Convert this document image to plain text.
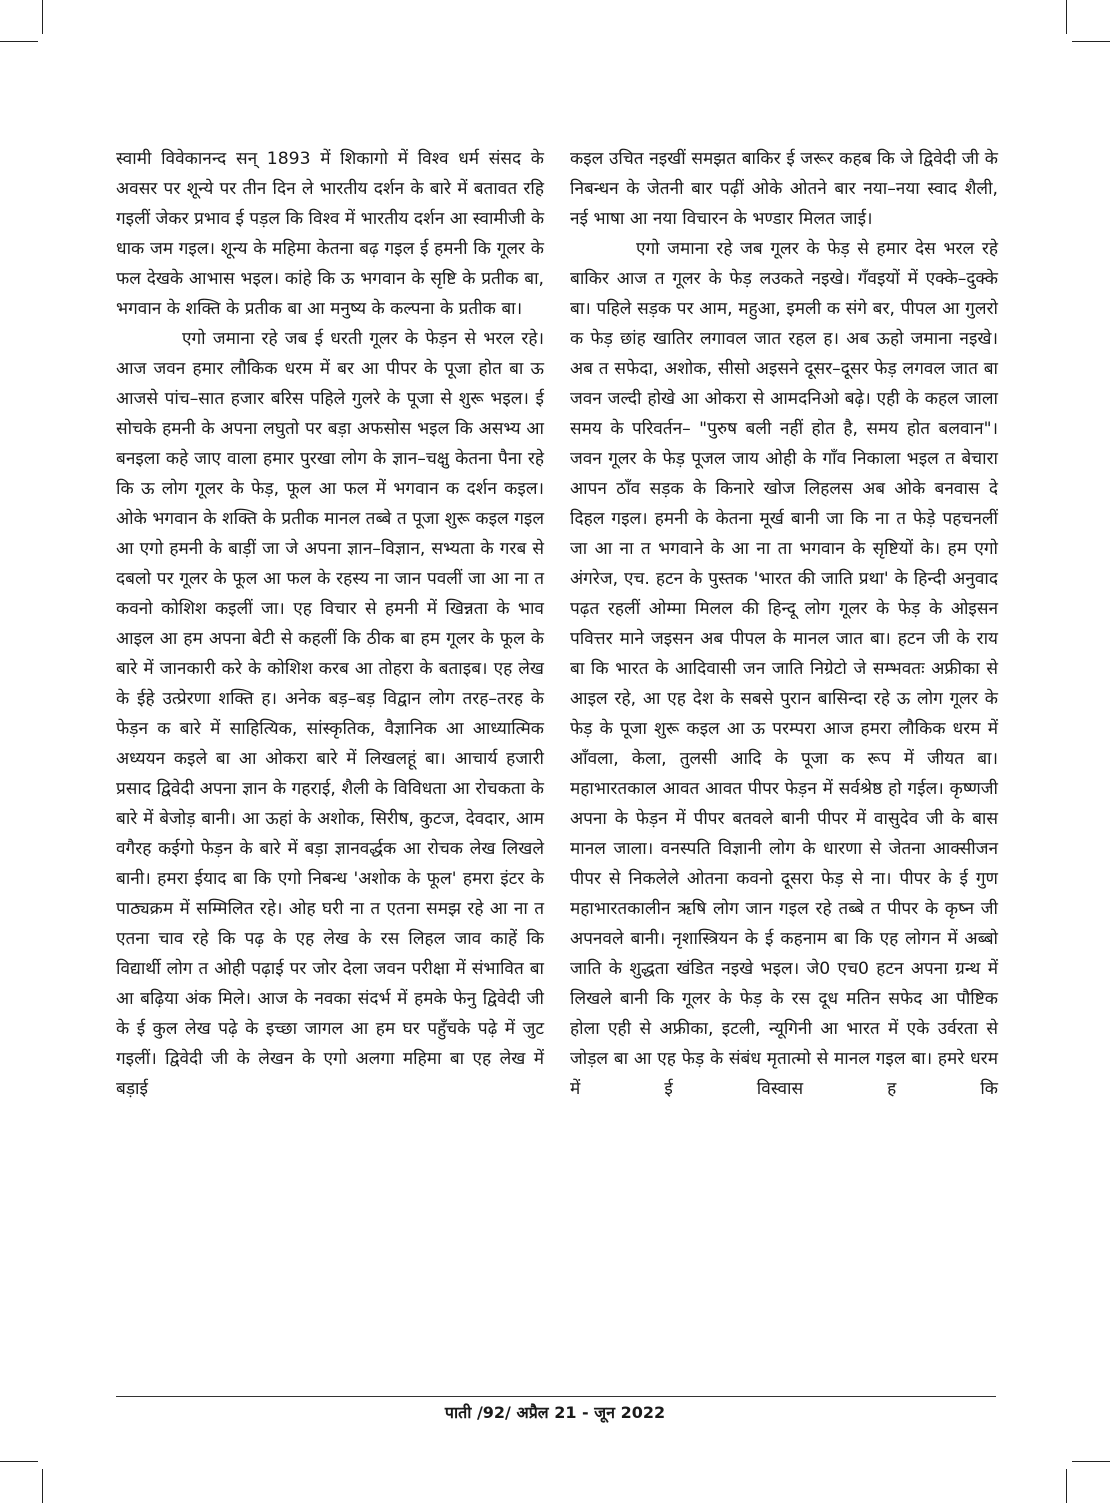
स्वामी विवेकानन्द सन् 1893 में शिकागो में विश्व धर्म संसद के अवसर पर शून्ये पर तीन दिन ले भारतीय दर्शन के बारे में बतावत रहि गइलीं जेकर प्रभाव ई पड़ल कि विश्व में भारतीय दर्शन आ स्वामीजी के धाक जम गइल। शून्य के महिमा केतना बढ़ गइल ई हमनी कि गूलर के फल देखके आभास भइल। कांहे कि ऊ भगवान के सृष्टि के प्रतीक बा, भगवान के शक्ति के प्रतीक बा आ मनुष्य के कल्पना के प्रतीक बा।

एगो जमाना रहे जब ई धरती गूलर के फेड़न से भरल रहे। आज जवन हमार लौकिक धरम में बर आ पीपर के पूजा होत बा ऊ आजसे पांच–सात हजार बरिस पहिले गुलरे के पूजा से शुरू भइल। ई सोचके हमनी के अपना लघुतो पर बड़ा अफसोस भइल कि असभ्य आ बनइला कहे जाए वाला हमार पुरखा लोग के ज्ञान–चक्षु केतना पैना रहे कि ऊ लोग गूलर के फेड़, फूल आ फल में भगवान क दर्शन कइल। ओके भगवान के शक्ति के प्रतीक मानल तब्बे त पूजा शुरू कइल गइल आ एगो हमनी के बाड़ीं जा जे अपना ज्ञान–विज्ञान, सभ्यता के गरब से दबलो पर गूलर के फूल आ फल के रहस्य ना जान पवलीं जा आ ना त कवनो कोशिश कइलीं जा। एह विचार से हमनी में खिन्नता के भाव आइल आ हम अपना बेटी से कहलीं कि ठीक बा हम गूलर के फूल के बारे में जानकारी करे के कोशिश करब आ तोहरा के बताइब। एह लेख के ईहे उत्प्रेरणा शक्ति ह। अनेक बड़–बड़ विद्वान लोग तरह–तरह के फेड़न क बारे में साहित्यिक, सांस्कृतिक, वैज्ञानिक आ आध्यात्मिक अध्ययन कइले बा आ ओकरा बारे में लिखलहूं बा। आचार्य हजारी प्रसाद द्विवेदी अपना ज्ञान के गहराई, शैली के विविधता आ रोचकता के बारे में बेजोड़ बानी। आ ऊहां के अशोक, सिरीष, कुटज, देवदार, आम वगैरह कईगो फेड़न के बारे में बड़ा ज्ञानवर्द्धक आ रोचक लेख लिखले बानी। हमरा ईयाद बा कि एगो निबन्ध 'अशोक के फूल' हमरा इंटर के पाठ्यक्रम में सम्मिलित रहे। ओह घरी ना त एतना समझ रहे आ ना त एतना चाव रहे कि पढ़ के एह लेख के रस लिहल जाव काहें कि विद्यार्थी लोग त ओही पढ़ाई पर जोर देला जवन परीक्षा में संभावित बा आ बढ़िया अंक मिले। आज के नवका संदर्भ में हमके फेनु द्विवेदी जी के ई कुल लेख पढ़े के इच्छा जागल आ हम घर पहुँचके पढ़े में जुट गइलीं। द्विवेदी जी के लेखन के एगो अलगा महिमा बा एह लेख में बड़ाई

कइल उचित नइखीं समझत बाकिर ई जरूर कहब कि जे द्विवेदी जी के निबन्धन के जेतनी बार पढ़ीं ओके ओतने बार नया–नया स्वाद शैली, नई भाषा आ नया विचारन के भण्डार मिलत जाई।

एगो जमाना रहे जब गूलर के फेड़ से हमार देस भरल रहे बाकिर आज त गूलर के फेड़ लउकते नइखे। गँवइयों में एक्के–दुक्के बा। पहिले सड़क पर आम, महुआ, इमली क संगे बर, पीपल आ गुलरो क फेड़ छांह खातिर लगावल जात रहल ह। अब ऊहो जमाना नइखे। अब त सफेदा, अशोक, सीसो अइसने दूसर–दूसर फेड़ लगवल जात बा जवन जल्दी होखे आ ओकरा से आमदनिओ बढ़े। एही के कहल जाला समय के परिवर्तन– "पुरुष बली नहीं होत है, समय होत बलवान"। जवन गूलर के फेड़ पूजल जाय ओही के गाँव निकाला भइल त बेचारा आपन ठाँव सड़क के किनारे खोज लिहलस अब ओके बनवास दे दिहल गइल। हमनी के केतना मूर्ख बानी जा कि ना त फेड़े पहचनलीं जा आ ना त भगवाने के आ ना ता भगवान के सृष्टियों के। हम एगो अंगरेज, एच. हटन के पुस्तक 'भारत की जाति प्रथा' के हिन्दी अनुवाद पढ़त रहलीं ओम्मा मिलल की हिन्दू लोग गूलर के फेड़ के ओइसन पवित्तर माने जइसन अब पीपल के मानल जात बा। हटन जी के राय बा कि भारत के आदिवासी जन जाति निग्रेटो जे सम्भवतः अफ्रीका से आइल रहे, आ एह देश के सबसे पुरान बासिन्दा रहे ऊ लोग गूलर के फेड़ के पूजा शुरू कइल आ ऊ परम्परा आज हमरा लौकिक धरम में आँवला, केला, तुलसी आदि के पूजा क रूप में जीयत बा। महाभारतकाल आवत आवत पीपर फेड़न में सर्वश्रेष्ठ हो गईल। कृष्णजी अपना के फेड़न में पीपर बतवले बानी पीपर में वासुदेव जी के बास मानल जाला। वनस्पति विज्ञानी लोग के धारणा से जेतना आक्सीजन पीपर से निकलेले ओतना कवनो दूसरा फेड़ से ना। पीपर के ई गुण महाभारतकालीन ऋषि लोग जान गइल रहे तब्बे त पीपर के कृष्न जी अपनवले बानी। नृशास्त्रियन के ई कहनाम बा कि एह लोगन में अब्बो जाति के शुद्धता खंडित नइखे भइल। जे0 एच0 हटन अपना ग्रन्थ में लिखले बानी कि गूलर के फेड़ के रस दूध मतिन सफेद आ पौष्टिक होला एही से अफ्रीका, इटली, न्यूगिनी आ भारत में एके उर्वरता से जोड़ल बा आ एह फेड़ के संबंध मृतात्मो से मानल गइल बा। हमरे धरम में ई विस्वास ह कि

पाती /92/ अप्रैल 21 - जून 2022
